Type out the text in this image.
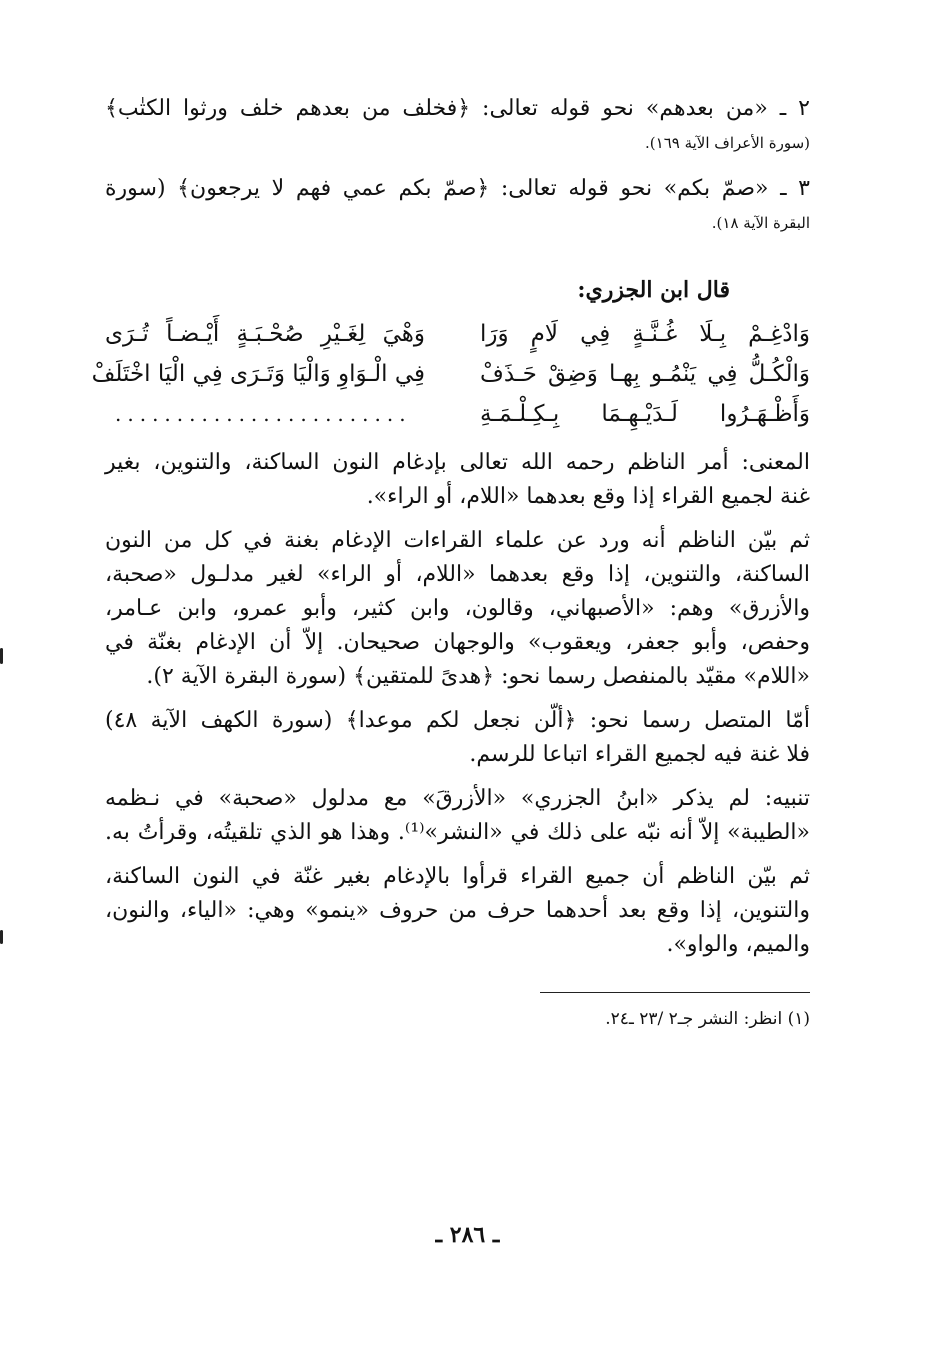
٢ ـ «من بعدهم» نحو قوله تعالى: ﴿فخلف من بعدهم خلف ورثوا الكتٰب﴾
(سورة الأعراف الآية ١٦٩).
٣ ـ «صمّ بكم» نحو قوله تعالى: ﴿صمّ بكم عمي فهم لا يرجعون﴾ (سورة
البقرة الآية ١٨).
قال ابن الجزري:
وَادْغِـمْ بِـلَا غُـنَّـةٍ فِي لَامٍ وَرَا
وَهْيَ لِغَـيْرِ صُحْـبَـةٍ أَيْـضـاً تُـرَى
وَالْكُـلُّ فِي يَنْمُـو بِهـا وَضِقْ حَـذَفْ
فِي الْـوَاوِ وَالْيَا وَتَـرَى فِي الْيَا اخْتَلَفْ
وَأَظْـهَـرُوا لَـدَيْـهِـمَا بِـكِـلْـمَـةِ
........................
المعنى: أمر الناظم رحمه الله تعالى بإدغام النون الساكنة، والتنوين، بغير
غنة لجميع القراء إذا وقع بعدهما «اللام، أو الراء».
ثم بيّن الناظم أنه ورد عن علماء القراءات الإدغام بغنة في كل من النون
الساكنة، والتنوين، إذا وقع بعدهما «اللام، أو الراء» لغير مدلـول «صحبة،
والأزرق» وهم: «الأصبهاني، وقالون، وابن كثير، وأبو عمرو، وابن عـامر،
وحفص، وأبو جعفر، ويعقوب» والوجهان صحيحان. إلاّ أن الإدغام بغنّة في
«اللام» مقيّد بالمنفصل رسما نحو: ﴿هدىً للمتقين﴾ (سورة البقرة الآية ٢).
أمّا المتصل رسما نحو: ﴿ألّن نجعل لكم موعدا﴾ (سورة الكهف الآية ٤٨)
فلا غنة فيه لجميع القراء اتباعا للرسم.
تنبيه: لم يذكر «ابنُ الجزري» «الأزرقَ» مع مدلول «صحبة» في نـظمه
«الطيبة» إلاّ أنه نبّه على ذلك في «النشر»⁽¹⁾. وهذا هو الذي تلقيتُه، وقرأتُ به.
ثم بيّن الناظم أن جميع القراء قرأوا بالإدغام بغير غنّة في النون الساكنة،
والتنوين، إذا وقع بعد أحدهما حرف من حروف «ينمو» وهي: «الياء، والنون،
والميم، والواو».
(١) انظر: النشر جـ٢ /٢٣ ـ٢٤.
ـ ٢٨٦ ـ
